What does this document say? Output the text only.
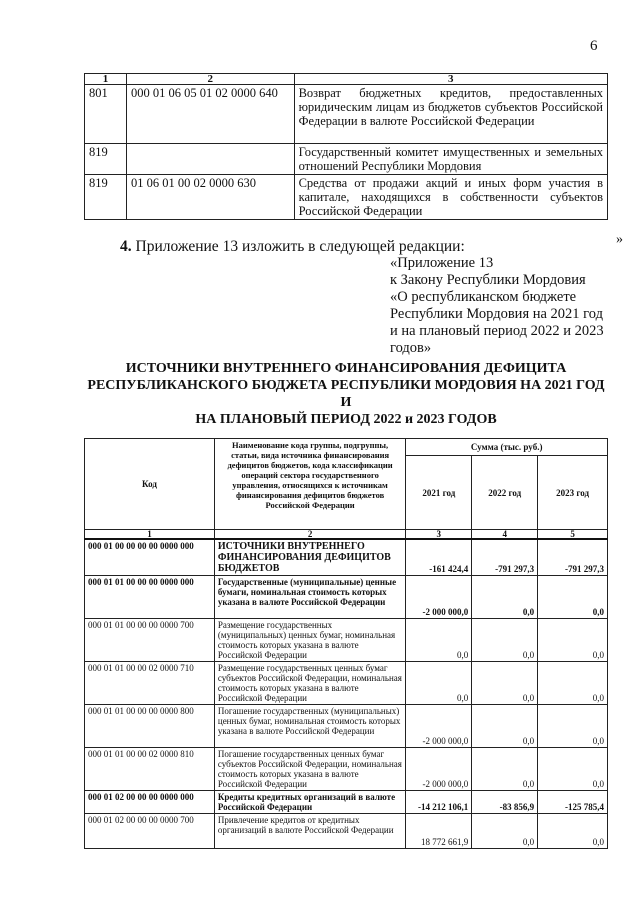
6
1	2	3
801	000 01 06 05 01 02 0000 640	Возврат бюджетных кредитов, предоставленных юридическим лицам из бюджетов субъектов Российской Федерации в валюте Российской Федерации
819		Государственный комитет имущественных и земельных отношений Республики Мордовия
819	01 06 01 00 02 0000 630	Средства от продажи акций и иных форм участия в капитале, находящихся в собственности субъектов Российской Федерации
»
4. Приложение 13 изложить в следующей редакции:
«Приложение 13
к Закону Республики Мордовия
«О республиканском бюджете
Республики Мордовия на 2021 год
и на плановый период 2022 и 2023
годов»
ИСТОЧНИКИ ВНУТРЕННЕГО ФИНАНСИРОВАНИЯ ДЕФИЦИТА
РЕСПУБЛИКАНСКОГО БЮДЖЕТА РЕСПУБЛИКИ МОРДОВИЯ НА 2021 ГОД И
НА ПЛАНОВЫЙ ПЕРИОД 2022 и 2023 ГОДОВ
Код	Наименование кода группы, подгруппы, статьи, вида источника финансирования дефицитов бюджетов, кода классификации операций сектора государственного управления, относящихся к источникам финансирования дефицитов бюджетов Российской Федерации	Сумма (тыс. руб.)		
		2021 год	2022 год	2023 год
1	2	3	4	5
000 01 00 00 00 00 0000 000	ИСТОЧНИКИ ВНУТРЕННЕГО ФИНАНСИРОВАНИЯ ДЕФИЦИТОВ БЮДЖЕТОВ	-161 424,4	-791 297,3	-791 297,3
000 01 01 00 00 00 0000 000	Государственные (муниципальные) ценные бумаги, номинальная стоимость которых указана в валюте Российской Федерации	-2 000 000,0	0,0	0,0
000 01 01 00 00 00 0000 700	Размещение государственных (муниципальных) ценных бумаг, номинальная стоимость которых указана в валюте Российской Федерации	0,0	0,0	0,0
000 01 01 00 00 02 0000 710	Размещение государственных ценных бумаг субъектов Российской Федерации, номинальная стоимость которых указана в валюте Российской Федерации	0,0	0,0	0,0
000 01 01 00 00 00 0000 800	Погашение государственных (муниципальных) ценных бумаг, номинальная стоимость которых указана в валюте Российской Федерации	-2 000 000,0	0,0	0,0
000 01 01 00 00 02 0000 810	Погашение государственных ценных бумаг субъектов Российской Федерации, номинальная стоимость которых указана в валюте Российской Федерации	-2 000 000,0	0,0	0,0
000 01 02 00 00 00 0000 000	Кредиты кредитных организаций в валюте Российской Федерации	-14 212 106,1	-83 856,9	-125 785,4
000 01 02 00 00 00 0000 700	Привлечение кредитов от кредитных организаций в валюте Российской Федерации	18 772 661,9	0,0	0,0
